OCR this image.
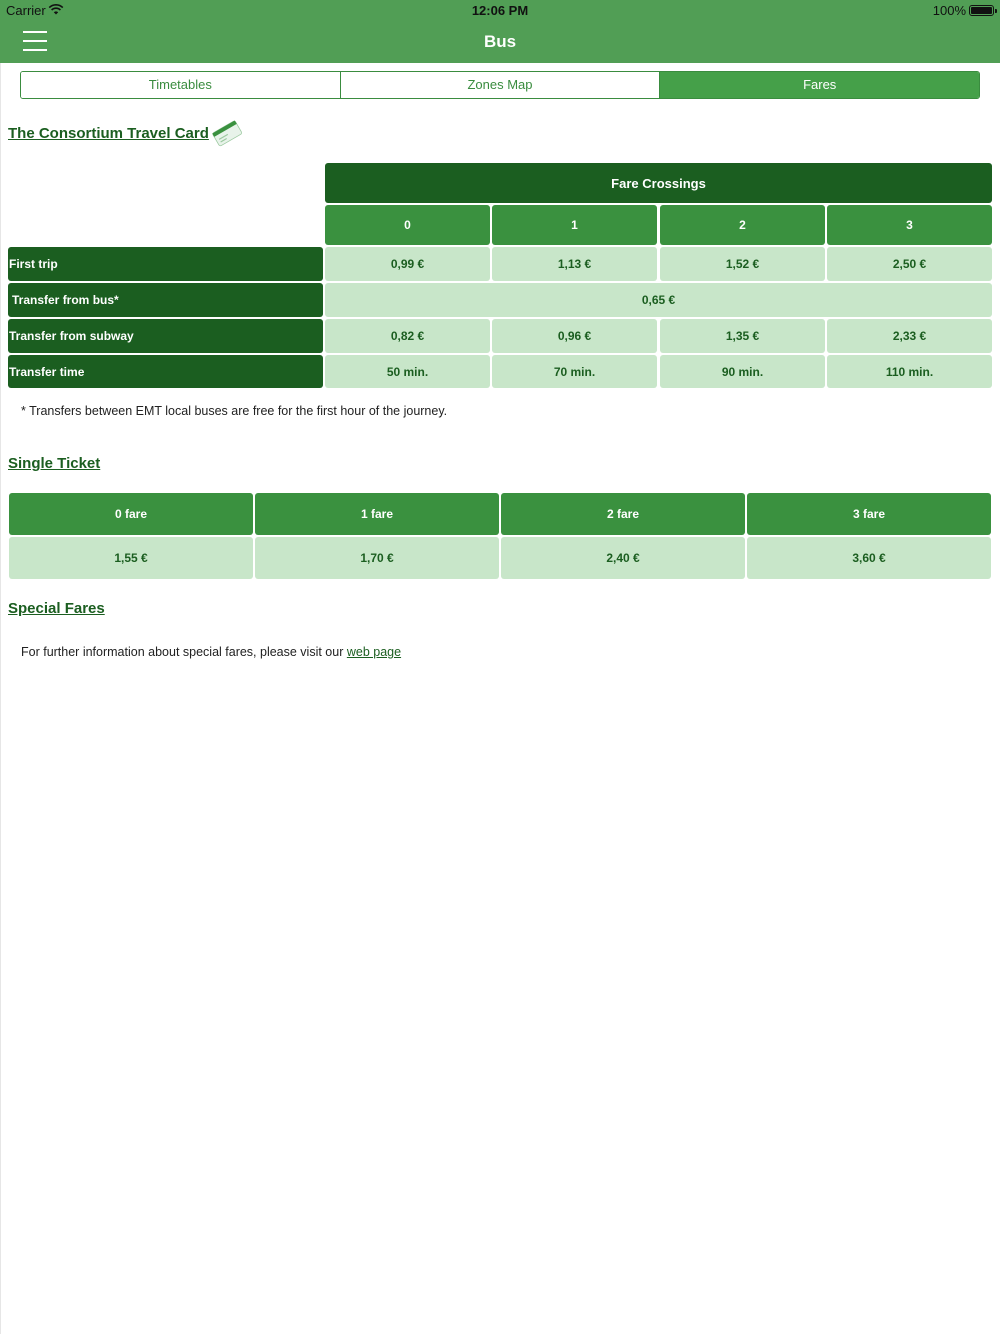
Carrier	12:06 PM	100%
Bus
Timetables	Zones Map	Fares
The Consortium Travel Card
Fare Crossings
0	1	2	3
First trip	0,99 €	1,13 €	1,52 €	2,50 €
Transfer from bus*	0,65 €
Transfer from subway	0,82 €	0,96 €	1,35 €	2,33 €
Transfer time	50 min.	70 min.	90 min.	110 min.
* Transfers between EMT local buses are free for the first hour of the journey.
Single Ticket
0 fare	1 fare	2 fare	3 fare
1,55 €	1,70 €	2,40 €	3,60 €
Special Fares
For further information about special fares, please visit our web page
